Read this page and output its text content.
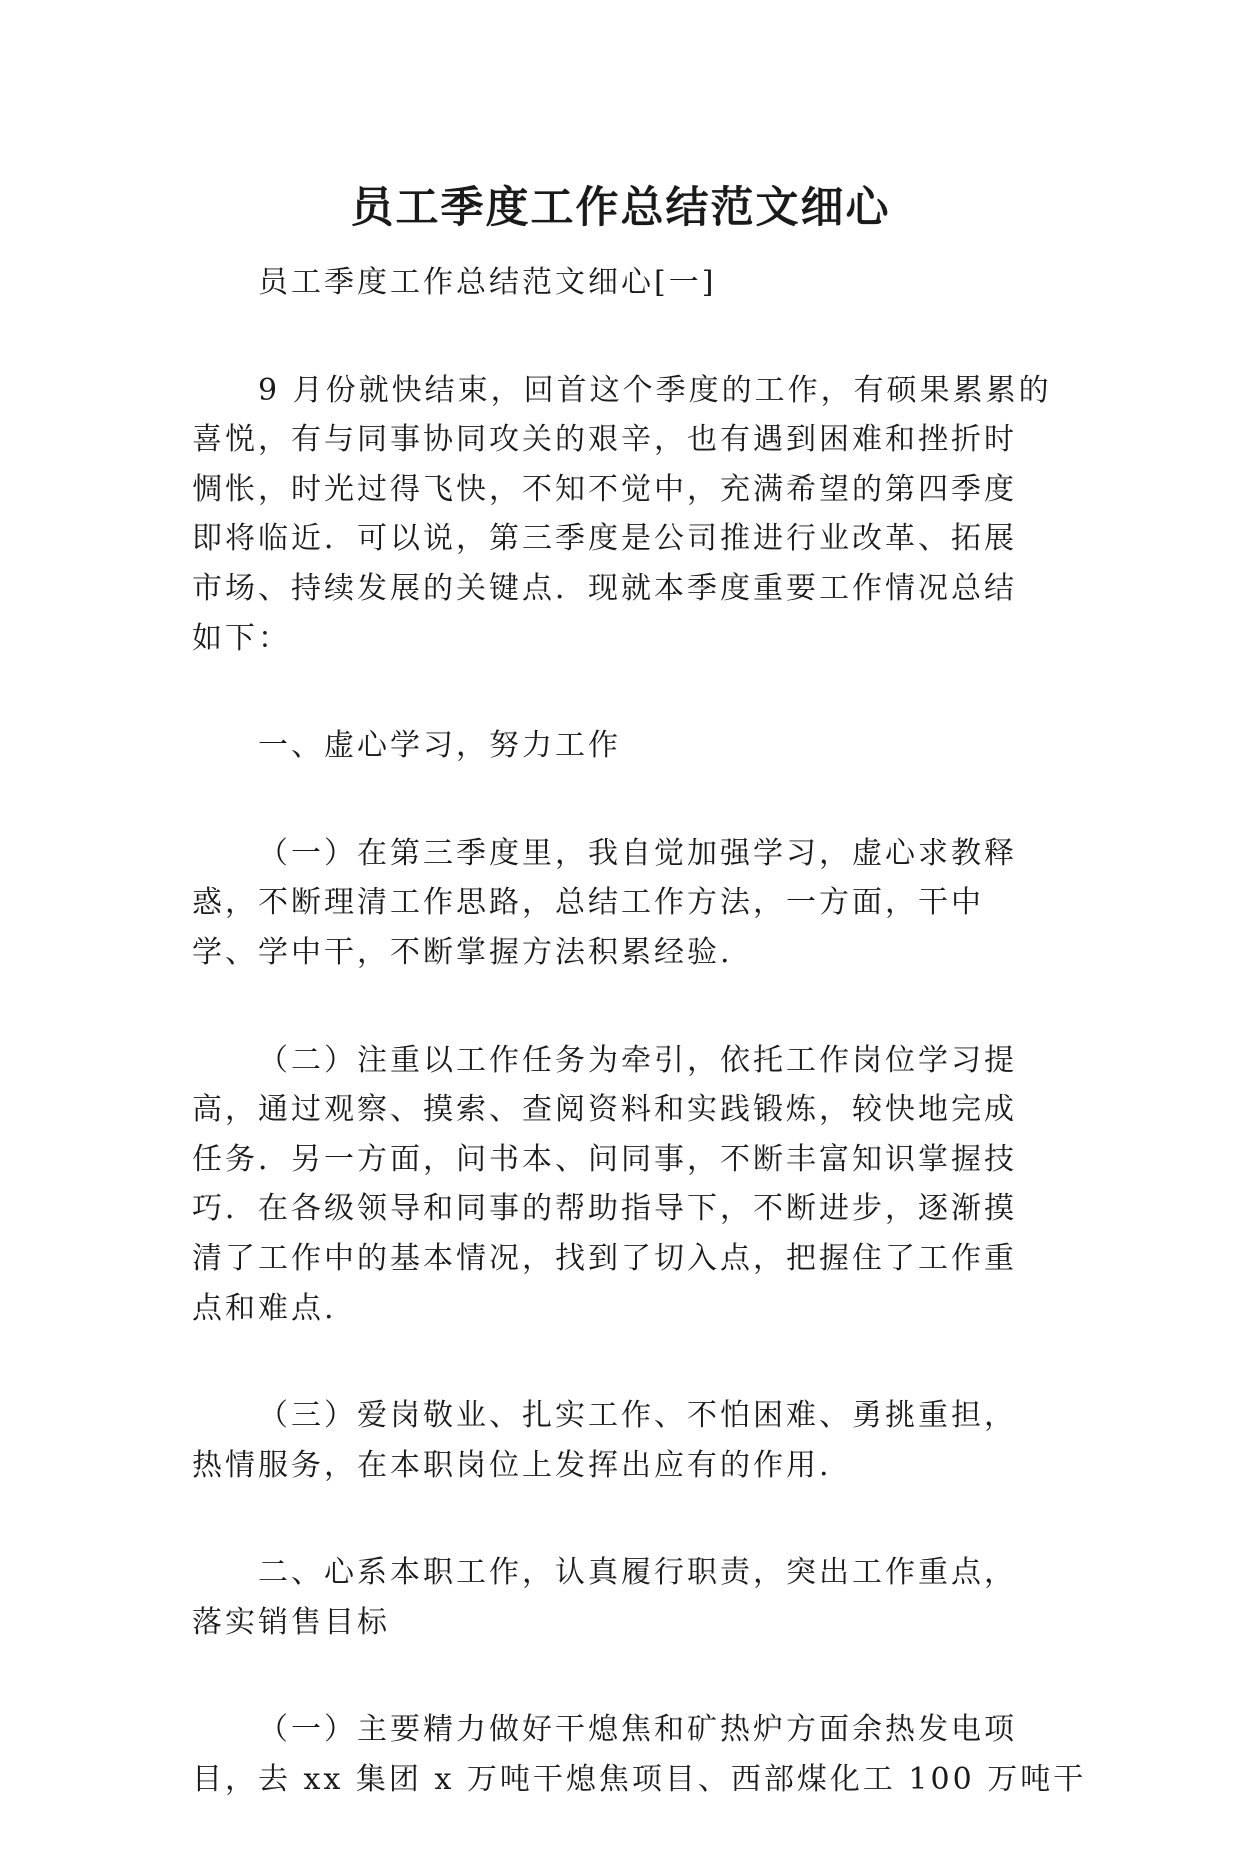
员工季度工作总结范文细心

员工季度工作总结范文细心[一]

9 月份就快结束，回首这个季度的工作，有硕果累累的
喜悦，有与同事协同攻关的艰辛，也有遇到困难和挫折时
惆怅，时光过得飞快，不知不觉中，充满希望的第四季度
即将临近．可以说，第三季度是公司推进行业改革、拓展
市场、持续发展的关键点．现就本季度重要工作情况总结
如下：

一、虚心学习，努力工作

（一）在第三季度里，我自觉加强学习，虚心求教释
惑，不断理清工作思路，总结工作方法，一方面，干中
学、学中干，不断掌握方法积累经验.

（二）注重以工作任务为牵引，依托工作岗位学习提
高，通过观察、摸索、查阅资料和实践锻炼，较快地完成
任务．另一方面，问书本、问同事，不断丰富知识掌握技
巧．在各级领导和同事的帮助指导下，不断进步，逐渐摸
清了工作中的基本情况，找到了切入点，把握住了工作重
点和难点.

（三）爱岗敬业、扎实工作、不怕困难、勇挑重担，
热情服务，在本职岗位上发挥出应有的作用.

二、心系本职工作，认真履行职责，突出工作重点，
落实销售目标

（一）主要精力做好干熄焦和矿热炉方面余热发电项
目，去 xx 集团 x 万吨干熄焦项目、西部煤化工 100 万吨干
